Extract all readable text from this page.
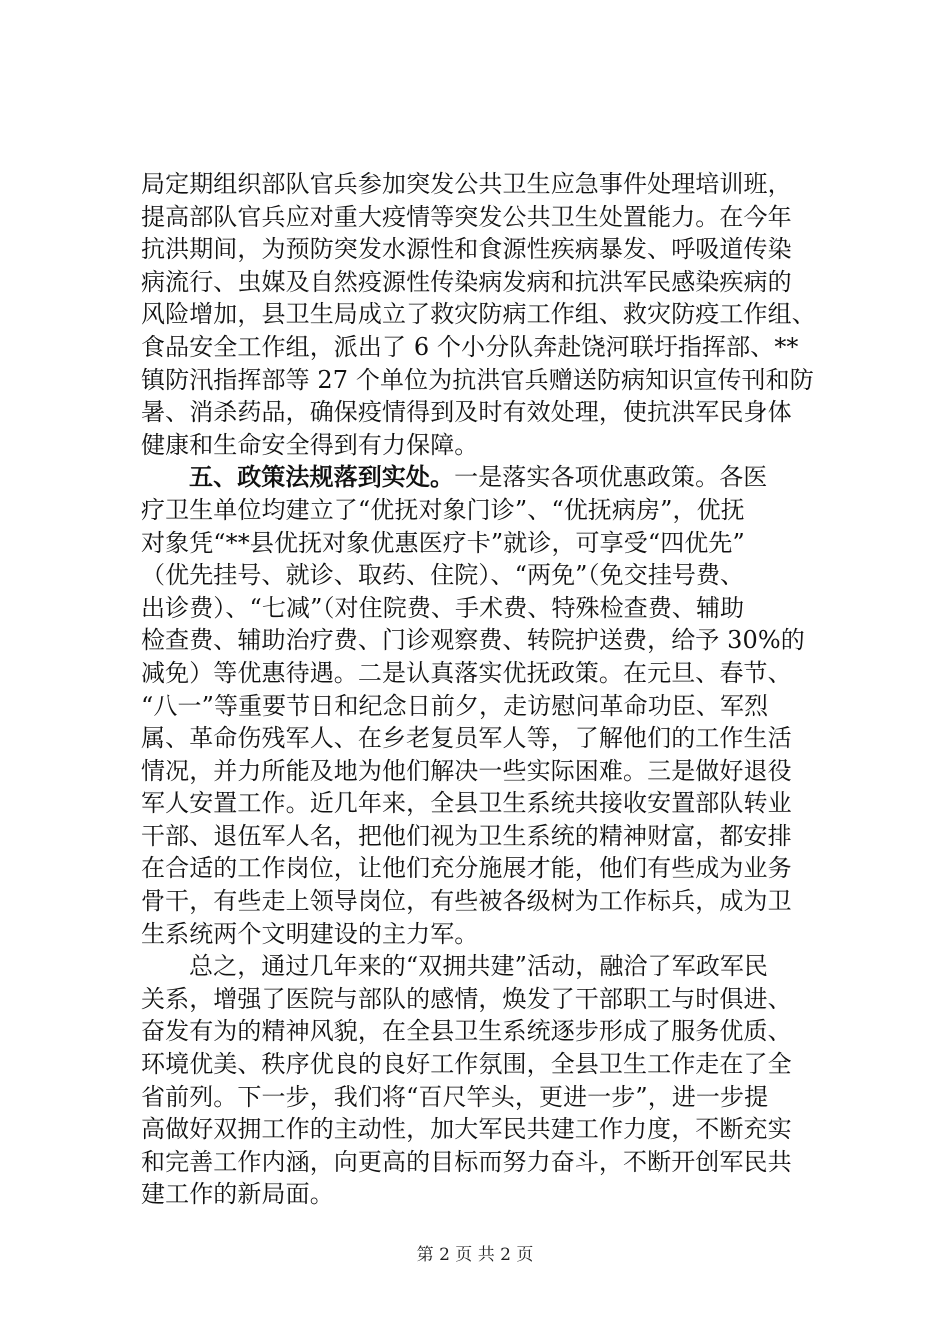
局定期组织部队官兵参加突发公共卫生应急事件处理培训班，
提高部队官兵应对重大疫情等突发公共卫生处置能力。在今年
抗洪期间，为预防突发水源性和食源性疾病暴发、呼吸道传染
病流行、虫媒及自然疫源性传染病发病和抗洪军民感染疾病的
风险增加，县卫生局成立了救灾防病工作组、救灾防疫工作组、
食品安全工作组，派出了 6 个小分队奔赴饶河联圩指挥部、**
镇防汛指挥部等 27 个单位为抗洪官兵赠送防病知识宣传刊和防
暑、消杀药品，确保疫情得到及时有效处理，使抗洪军民身体
健康和生命安全得到有力保障。
五、政策法规落到实处。一是落实各项优惠政策。各医
疗卫生单位均建立了“优抚对象门诊”、“优抚病房”，优抚
对象凭“**县优抚对象优惠医疗卡”就诊，可享受“四优先”
（优先挂号、就诊、取药、住院）、“两免”（免交挂号费、
出诊费）、“七减”（对住院费、手术费、特殊检查费、辅助
检查费、辅助治疗费、门诊观察费、转院护送费，给予 30%的
减免）等优惠待遇。二是认真落实优抚政策。在元旦、春节、
“八一”等重要节日和纪念日前夕，走访慰问革命功臣、军烈
属、革命伤残军人、在乡老复员军人等，了解他们的工作生活
情况，并力所能及地为他们解决一些实际困难。三是做好退役
军人安置工作。近几年来，全县卫生系统共接收安置部队转业
干部、退伍军人名，把他们视为卫生系统的精神财富，都安排
在合适的工作岗位，让他们充分施展才能，他们有些成为业务
骨干，有些走上领导岗位，有些被各级树为工作标兵，成为卫
生系统两个文明建设的主力军。
总之，通过几年来的“双拥共建”活动，融洽了军政军民
关系，增强了医院与部队的感情，焕发了干部职工与时俱进、
奋发有为的精神风貌，在全县卫生系统逐步形成了服务优质、
环境优美、秩序优良的良好工作氛围，全县卫生工作走在了全
省前列。下一步，我们将“百尺竿头，更进一步”，进一步提
高做好双拥工作的主动性，加大军民共建工作力度，不断充实
和完善工作内涵，向更高的目标而努力奋斗，不断开创军民共
建工作的新局面。
第 2 页 共 2 页
